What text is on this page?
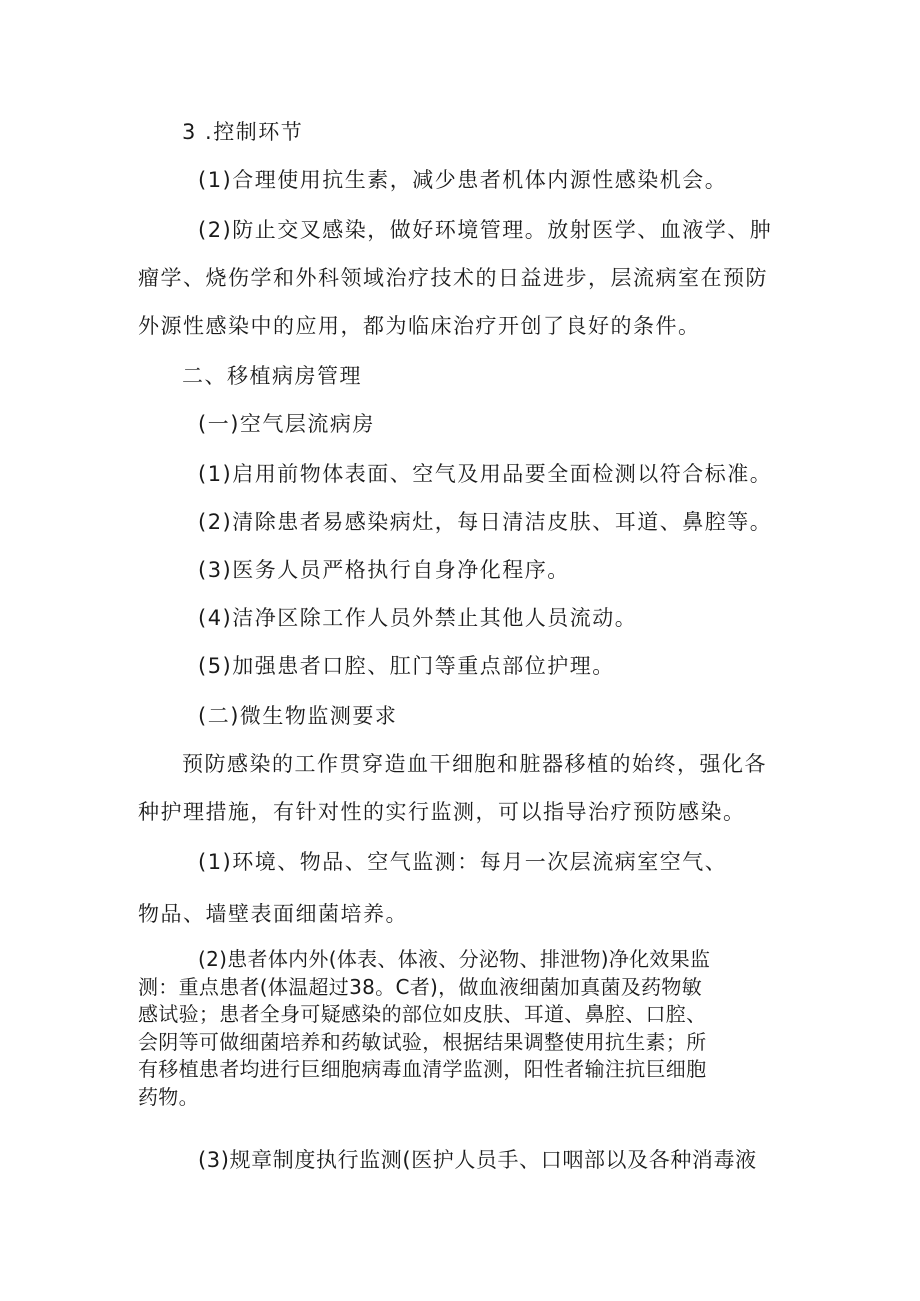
3 .控制环节

(1)合理使用抗生素，减少患者机体内源性感染机会。

(2)防止交叉感染，做好环境管理。放射医学、血液学、肿

瘤学、烧伤学和外科领域治疗技术的日益进步，层流病室在预防

外源性感染中的应用，都为临床治疗开创了良好的条件。

二、移植病房管理

(一)空气层流病房

(1)启用前物体表面、空气及用品要全面检测以符合标准。

(2)清除患者易感染病灶，每日清洁皮肤、耳道、鼻腔等。

(3)医务人员严格执行自身净化程序。

(4)洁净区除工作人员外禁止其他人员流动。

(5)加强患者口腔、肛门等重点部位护理。

(二)微生物监测要求

预防感染的工作贯穿造血干细胞和脏器移植的始终，强化各

种护理措施，有针对性的实行监测，可以指导治疗预防感染。

(1)环境、物品、空气监测：每月一次层流病室空气、

物品、墙壁表面细菌培养。

(2)患者体内外(体表、体液、分泌物、排泄物)净化效果监
测：重点患者(体温超过38。C者)，做血液细菌加真菌及药物敏
感试验；患者全身可疑感染的部位如皮肤、耳道、鼻腔、口腔、
会阴等可做细菌培养和药敏试验，根据结果调整使用抗生素；所
有移植患者均进行巨细胞病毒血清学监测，阳性者输注抗巨细胞
药物。

(3)规章制度执行监测(医护人员手、口咽部以及各种消毒液
